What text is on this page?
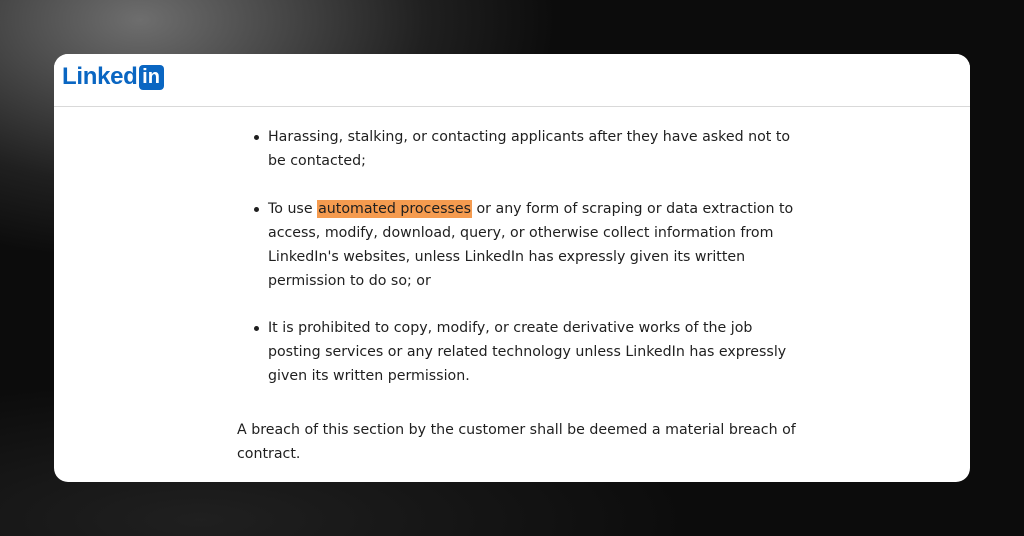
Linked in

Harassing, stalking, or contacting applicants after they have asked not to be contacted;

To use automated processes or any form of scraping or data extraction to access, modify, download, query, or otherwise collect information from LinkedIn's websites, unless LinkedIn has expressly given its written permission to do so; or

It is prohibited to copy, modify, or create derivative works of the job posting services or any related technology unless LinkedIn has expressly given its written permission.

A breach of this section by the customer shall be deemed a material breach of contract.
